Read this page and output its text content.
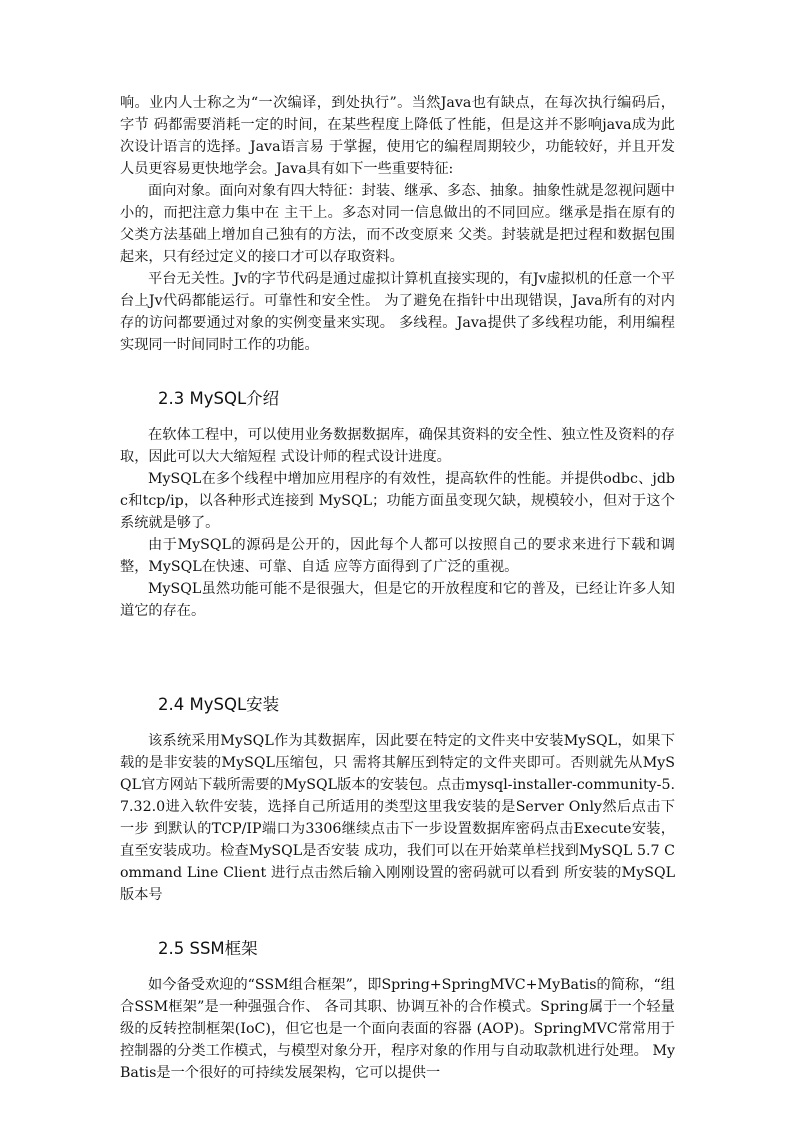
响。业内人士称之为“一次编译，到处执行”。当然Java也有缺点，在每次执行编码后，字节 码都需要消耗一定的时间，在某些程度上降低了性能，但是这并不影响java成为此次设计语言的选择。Java语言易 于掌握，使用它的编程周期较少，功能较好，并且开发人员更容易更快地学会。Java具有如下一些重要特征:

面向对象。面向对象有四大特征：封装、继承、多态、抽象。抽象性就是忽视问题中小的，而把注意力集中在 主干上。多态对同一信息做出的不同回应。继承是指在原有的父类方法基础上增加自己独有的方法，而不改变原来 父类。封装就是把过程和数据包围起来，只有经过定义的接口才可以存取资料。

平台无关性。Jv的字节代码是通过虚拟计算机直接实现的，有Jv虚拟机的任意一个平台上Jv代码都能运行。可靠性和安全性。 为了避免在指针中出现错误，Java所有的对内存的访问都要通过对象的实例变量来实现。 多线程。Java提供了多线程功能，利用编程实现同一时间同时工作的功能。

2.3 MySQL介绍

在软体工程中，可以使用业务数据数据库，确保其资料的安全性、独立性及资料的存取，因此可以大大缩短程 式设计师的程式设计进度。

MySQL在多个线程中增加应用程序的有效性，提高软件的性能。并提供odbc、jdbc和tcp/ip，以各种形式连接到 MySQL；功能方面虽变现欠缺，规模较小，但对于这个系统就是够了。

由于MySQL的源码是公开的，因此每个人都可以按照自己的要求来进行下载和调整，MySQL在快速、可靠、自适 应等方面得到了广泛的重视。

MySQL虽然功能可能不是很强大，但是它的开放程度和它的普及，已经让许多人知道它的存在。

2.4 MySQL安装

该系统采用MySQL作为其数据库，因此要在特定的文件夹中安装MySQL，如果下载的是非安装的MySQL压缩包，只 需将其解压到特定的文件夹即可。否则就先从MySQL官方网站下载所需要的MySQL版本的安装包。点击mysql-installer-community-5.7.32.0进入软件安装，选择自己所适用的类型这里我安装的是Server Only然后点击下一步 到默认的TCP/IP端口为3306继续点击下一步设置数据库密码点击Execute安装，直至安装成功。检查MySQL是否安装 成功，我们可以在开始菜单栏找到MySQL 5.7 Command Line Client 进行点击然后输入刚刚设置的密码就可以看到 所安装的MySQL版本号

2.5 SSM框架

如今备受欢迎的“SSM组合框架”，即Spring+SpringMVC+MyBatis的简称，“组合SSM框架”是一种强强合作、 各司其职、协调互补的合作模式。Spring属于一个轻量级的反转控制框架(IoC)，但它也是一个面向表面的容器 (AOP)。SpringMVC常常用于控制器的分类工作模式，与模型对象分开，程序对象的作用与自动取款机进行处理。 MyBatis是一个很好的可持续发展架构，它可以提供一
